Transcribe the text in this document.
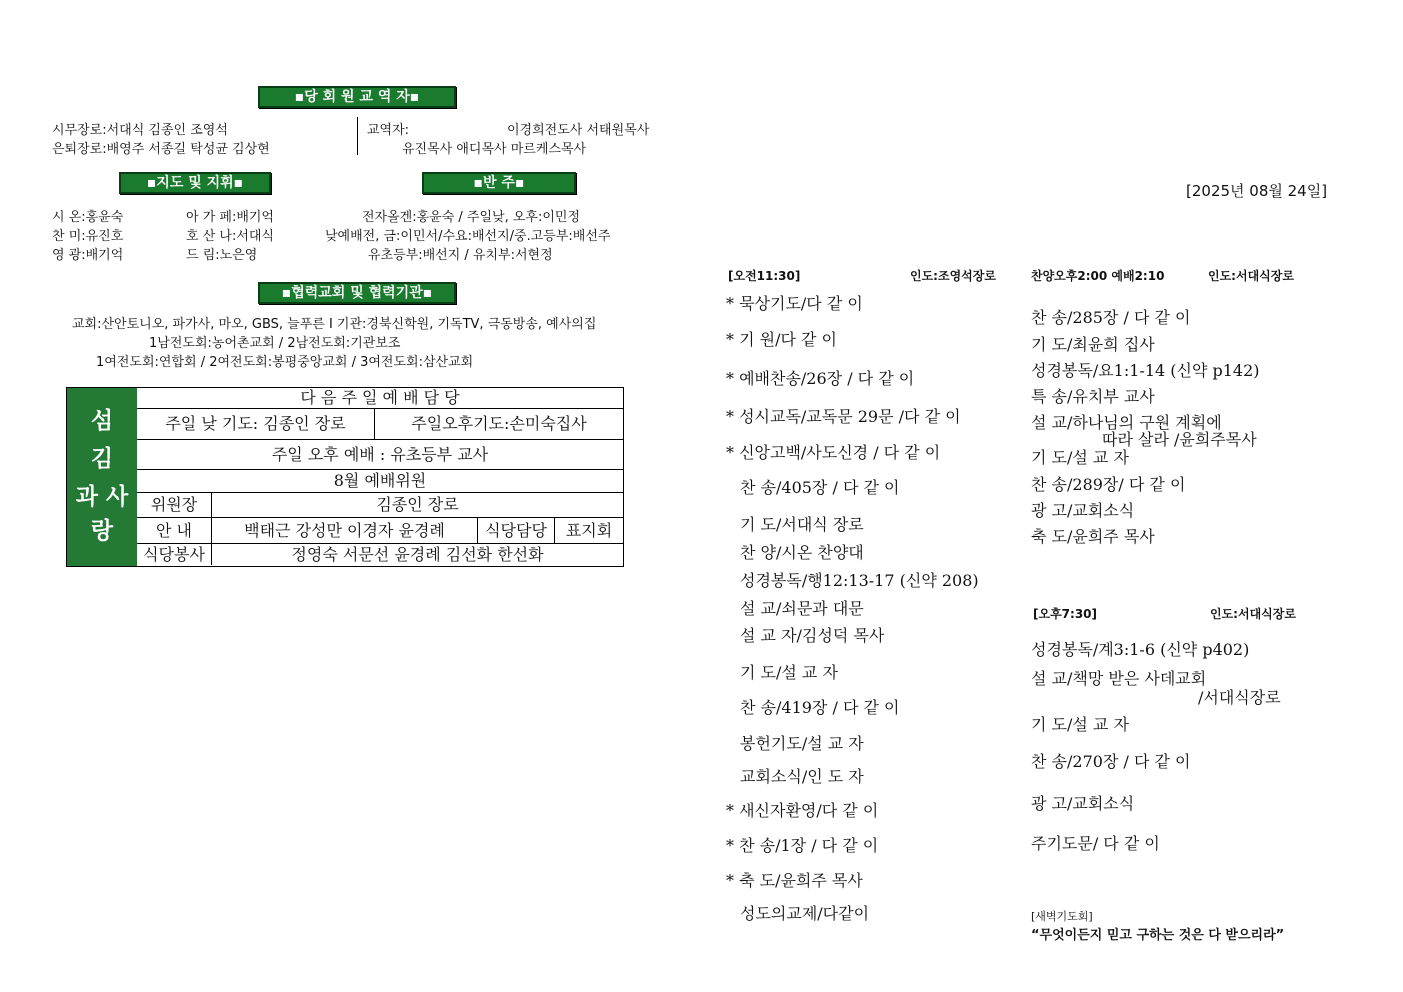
▪당 회 원 교 역 자▪
▪지도 및 지휘▪	▪반 주▪
▪협력교회 및 협력기관▪
시무장로:서대식 김종인 조영석
은퇴장로:배영주 서종길 탁성균 김상현
교역자:	이경희전도사 서태원목사
유진목사 애디목사 마르케스목사
시 온:홍윤숙	아 가 페:배기억
찬 미:유진호	호 산 나:서대식
영 광:배기억	드 림:노은영
전자올겐:홍윤숙 / 주일낮, 오후:이민정
낮예배전, 금:이민서/수요:배선지/중.고등부:배선주
유초등부:배선지 / 유치부:서현정
교회:산안토니오, 파가사, 마오, GBS, 늘푸른 I 기관:경북신학원, 기독TV, 극동방송, 예사의집
1남전도회:농어촌교회 / 2남전도회:기관보조
1여전도회:연합회 / 2여전도회:봉평중앙교회 / 3여전도회:삼산교회
섬
김
과 사
랑
다 음 주 일 예 배 담 당
주일 낮 기도: 김종인 장로	주일오후기도:손미숙집사
주일 오후 예배 : 유초등부 교사
8월 예배위원
위원장	김종인 장로
안 내	백태근 강성만 이경자 윤경례	식당담당	표지회
식당봉사	정영숙 서문선 윤경례 김선화 한선화
[2025년 08월 24일]
[오전11:30]	인도:조영석장로
* 묵상기도/다 같 이
* 기 원/다 같 이
* 예배찬송/26장 / 다 같 이
* 성시교독/교독문 29문 /다 같 이
* 신앙고백/사도신경 / 다 같 이
찬 송/405장 / 다 같 이
기 도/서대식 장로
찬 양/시온 찬양대
성경봉독/행12:13-17 (신약 208)
설 교/쇠문과 대문
설 교 자/김성덕 목사
기 도/설 교 자
찬 송/419장 / 다 같 이
봉헌기도/설 교 자
교회소식/인 도 자
* 새신자환영/다 같 이
* 찬 송/1장 / 다 같 이
* 축 도/윤희주 목사
성도의교제/다같이
찬양오후2:00 예배2:10	인도:서대식장로
찬 송/285장 / 다 같 이
기 도/최윤희 집사
성경봉독/요1:1-14 (신약 p142)
특 송/유치부 교사
설 교/하나님의 구원 계획에
따라 살라 /윤희주목사
기 도/설 교 자
찬 송/289장/ 다 같 이
광 고/교회소식
축 도/윤희주 목사
[오후7:30]	인도:서대식장로
성경봉독/계3:1-6 (신약 p402)
설 교/책망 받은 사데교회
/서대식장로
기 도/설 교 자
찬 송/270장 / 다 같 이
광 고/교회소식
주기도문/ 다 같 이
[새벽기도회]
“무엇이든지 믿고 구하는 것은 다 받으리라”
